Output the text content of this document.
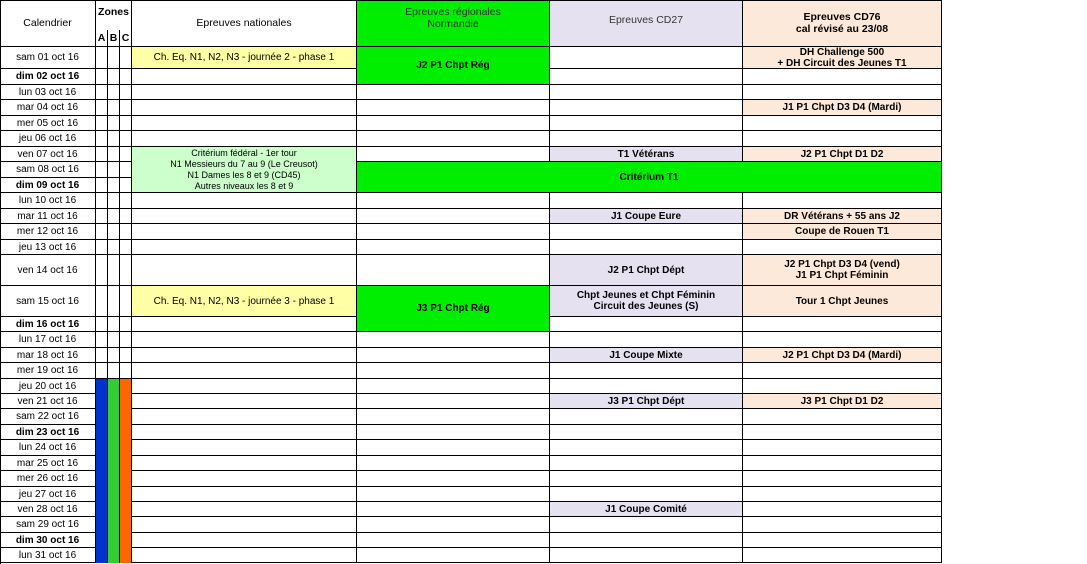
Calendrier
Zones
A B C
Epreuves nationales
Epreuves régionales
Normandie	Epreuves CD27	Epreuves CD76
cal révisé au 23/08
sam 01 oct 16
dim 02 oct 16
lun 03 oct 16
mar 04 oct 16
mer 05 oct 16
jeu 06 oct 16
ven 07 oct 16
sam 08 oct 16
dim 09 oct 16
lun 10 oct 16
mar 11 oct 16
mer 12 oct 16
jeu 13 oct 16
ven 14 oct 16
sam 15 oct 16
dim 16 oct 16
lun 17 oct 16
mar 18 oct 16
mer 19 oct 16
jeu 20 oct 16
ven 21 oct 16
sam 22 oct 16
dim 23 oct 16
lun 24 oct 16
mar 25 oct 16
mer 26 oct 16
jeu 27 oct 16
ven 28 oct 16
sam 29 oct 16
dim 30 oct 16
lun 31 oct 16
Ch. Eq. N1, N2, N3 - journée 2 - phase 1
Critérium fédéral - 1er tour
N1 Messieurs du 7 au 9 (Le Creusot)
N1 Dames les 8 et 9 (CD45)
Autres niveaux les 8 et 9
Ch. Eq. N1, N2, N3 - journée 3 - phase 1
J2 P1 Chpt Rég
Critérium T1
J3 P1 Chpt Rég
T1 Vétérans
J1 Coupe Eure
J2 P1 Chpt Dépt
Chpt Jeunes et Chpt Féminin
Circuit des Jeunes (S)
J1 Coupe Mixte
J3 P1 Chpt Dépt
J1 Coupe Comité
DH Challenge 500
+ DH Circuit des Jeunes T1
J1 P1 Chpt D3 D4 (Mardi)
J2 P1 Chpt D1 D2
DR Vétérans + 55 ans J2
Coupe de Rouen T1
J2 P1 Chpt D3 D4 (vend)
J1 P1 Chpt Féminin
Tour 1 Chpt Jeunes
J2 P1 Chpt D3 D4 (Mardi)
J3 P1 Chpt D1 D2
